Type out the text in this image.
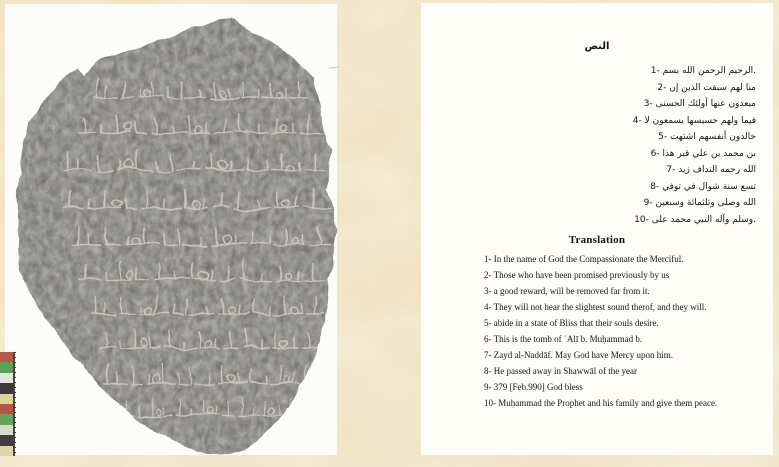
النص
1- بسم الله الرحمن الرحيم.
2- إن الذين سبقت لهم منا
3- الحسنى أولئك عنها مبعدون
4- لا يسمعون حسيسها ولهم فيما
5- اشتهت أنفسهم خالدون
6- هذا قبر علي بن محمد بن
7- زيد النداف رحمه الله
8- توفي في شوال سنة تسع
9- وسبعين وثلثمائة وصلى الله
10- على محمد النبي وآله وسلم.
Translation
1- In the name of God the Compassionate the Merciful.
2- Those who have been promised previously by us
3- a good reward, will be removed far from it.
4- They will not hear the slightest sound therof, and they will.
5- abide in a state of Bliss that their souls desire.
6- This is the tomb of ʿAlī b. Muḥammad b.
7- Zayd al-Naddāf. May God have Mercy upon him.
8- He passed away in Shawwāl of the year
9- 379 [Feb.990] God bless
10- Muḥammad the Prophet and his family and give them peace.
